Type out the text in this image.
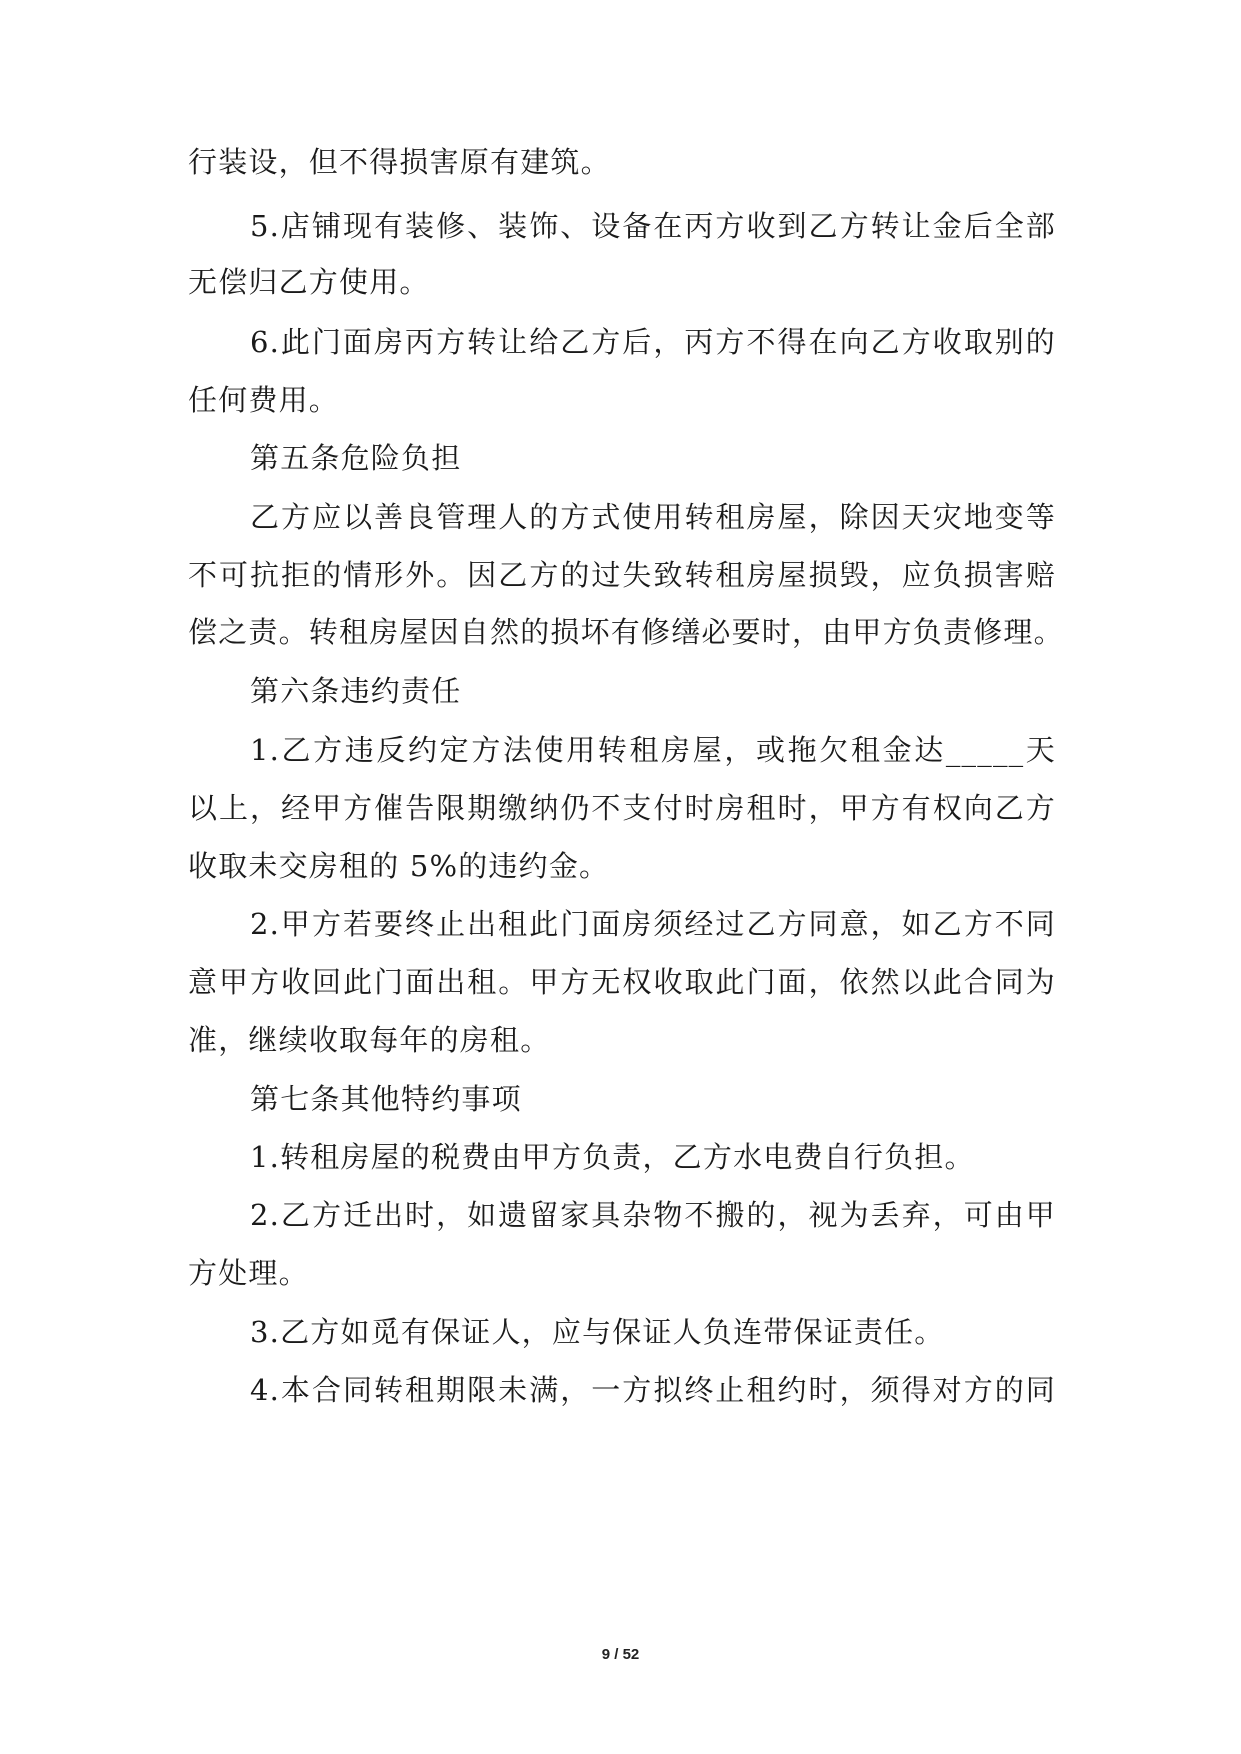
行装设，但不得损害原有建筑。
5.店铺现有装修、装饰、设备在丙方收到乙方转让金后全部
无偿归乙方使用。
6.此门面房丙方转让给乙方后，丙方不得在向乙方收取别的
任何费用。
第五条危险负担
乙方应以善良管理人的方式使用转租房屋，除因天灾地变等
不可抗拒的情形外。因乙方的过失致转租房屋损毁，应负损害赔
偿之责。转租房屋因自然的损坏有修缮必要时，由甲方负责修理。
第六条违约责任
1.乙方违反约定方法使用转租房屋，或拖欠租金达_____天
以上，经甲方催告限期缴纳仍不支付时房租时，甲方有权向乙方
收取未交房租的 5%的违约金。
2.甲方若要终止出租此门面房须经过乙方同意，如乙方不同
意甲方收回此门面出租。甲方无权收取此门面，依然以此合同为
准，继续收取每年的房租。
第七条其他特约事项
1.转租房屋的税费由甲方负责，乙方水电费自行负担。
2.乙方迁出时，如遗留家具杂物不搬的，视为丢弃，可由甲
方处理。
3.乙方如觅有保证人，应与保证人负连带保证责任。
4.本合同转租期限未满，一方拟终止租约时，须得对方的同
9 / 52
